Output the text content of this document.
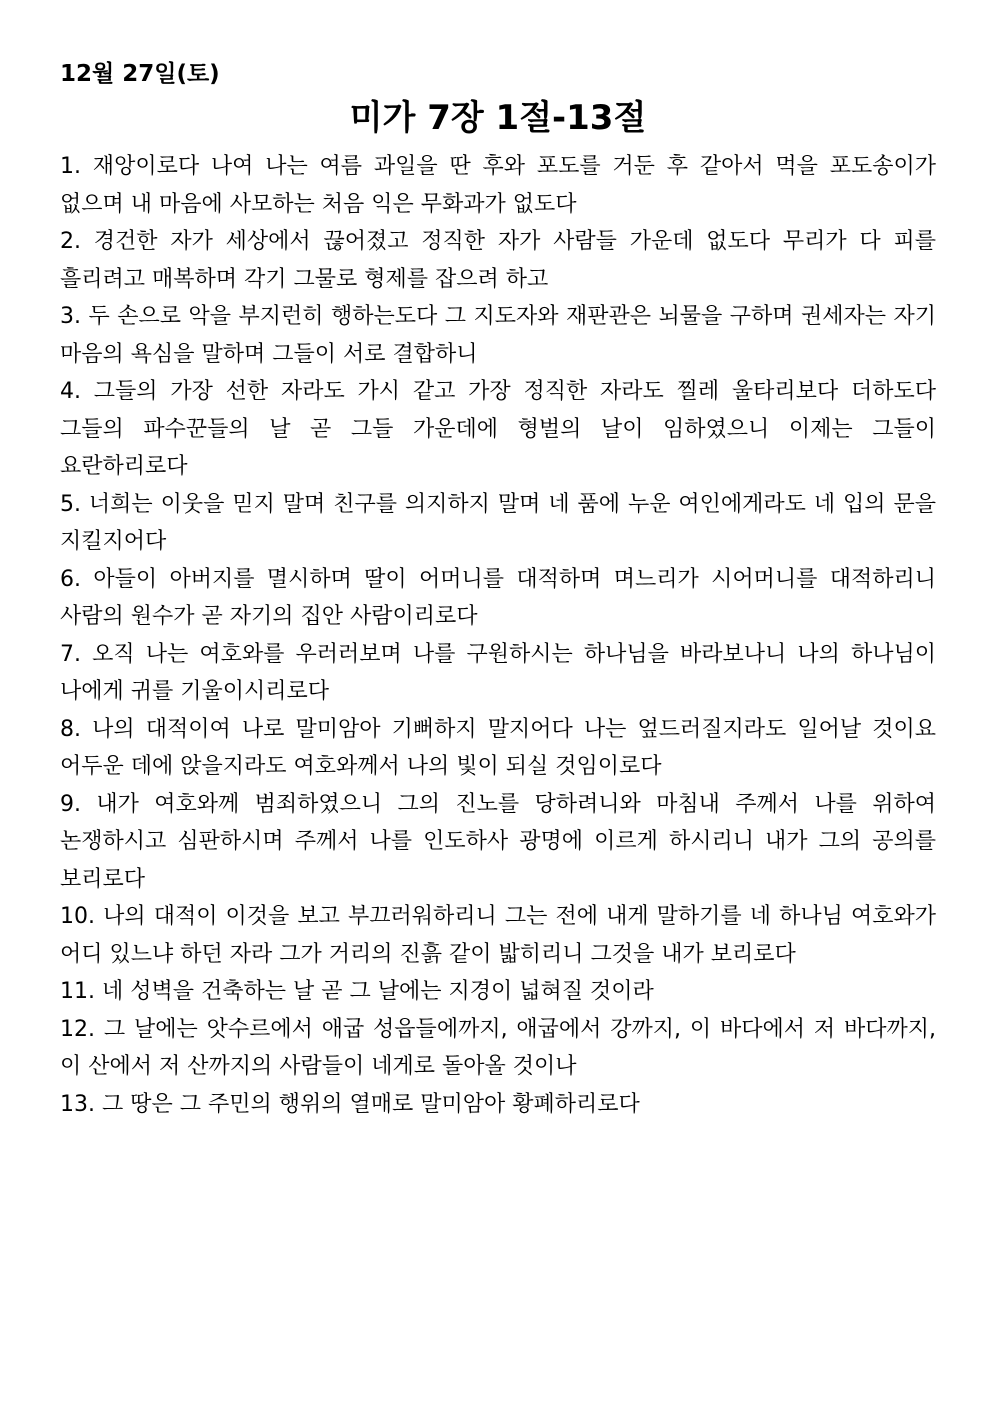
12월 27일(토)

미가 7장 1절-13절

1. 재앙이로다 나여 나는 여름 과일을 딴 후와 포도를 거둔 후 같아서 먹을 포도송이가 없으며 내 마음에 사모하는 처음 익은 무화과가 없도다

2. 경건한 자가 세상에서 끊어졌고 정직한 자가 사람들 가운데 없도다 무리가 다 피를 흘리려고 매복하며 각기 그물로 형제를 잡으려 하고

3. 두 손으로 악을 부지런히 행하는도다 그 지도자와 재판관은 뇌물을 구하며 권세자는 자기 마음의 욕심을 말하며 그들이 서로 결합하니

4. 그들의 가장 선한 자라도 가시 같고 가장 정직한 자라도 찔레 울타리보다 더하도다 그들의 파수꾼들의 날 곧 그들 가운데에 형벌의 날이 임하였으니 이제는 그들이 요란하리로다

5. 너희는 이웃을 믿지 말며 친구를 의지하지 말며 네 품에 누운 여인에게라도 네 입의 문을 지킬지어다

6. 아들이 아버지를 멸시하며 딸이 어머니를 대적하며 며느리가 시어머니를 대적하리니 사람의 원수가 곧 자기의 집안 사람이리로다

7. 오직 나는 여호와를 우러러보며 나를 구원하시는 하나님을 바라보나니 나의 하나님이 나에게 귀를 기울이시리로다

8. 나의 대적이여 나로 말미암아 기뻐하지 말지어다 나는 엎드러질지라도 일어날 것이요 어두운 데에 앉을지라도 여호와께서 나의 빛이 되실 것임이로다

9. 내가 여호와께 범죄하였으니 그의 진노를 당하려니와 마침내 주께서 나를 위하여 논쟁하시고 심판하시며 주께서 나를 인도하사 광명에 이르게 하시리니 내가 그의 공의를 보리로다

10. 나의 대적이 이것을 보고 부끄러워하리니 그는 전에 내게 말하기를 네 하나님 여호와가 어디 있느냐 하던 자라 그가 거리의 진흙 같이 밟히리니 그것을 내가 보리로다

11. 네 성벽을 건축하는 날 곧 그 날에는 지경이 넓혀질 것이라

12. 그 날에는 앗수르에서 애굽 성읍들에까지, 애굽에서 강까지, 이 바다에서 저 바다까지, 이 산에서 저 산까지의 사람들이 네게로 돌아올 것이나

13. 그 땅은 그 주민의 행위의 열매로 말미암아 황폐하리로다
